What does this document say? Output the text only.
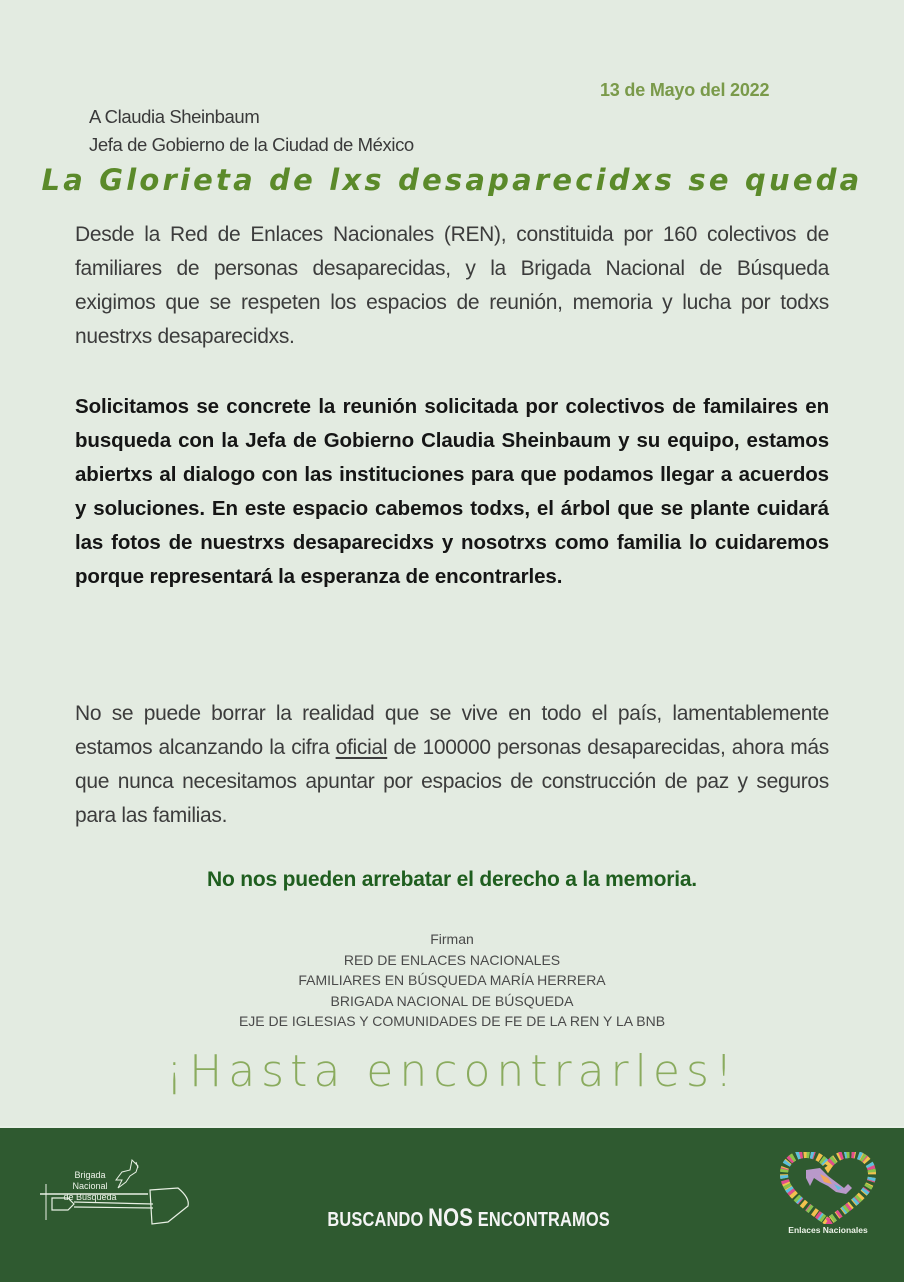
13 de Mayo del 2022
A Claudia Sheinbaum
Jefa de Gobierno de la Ciudad de México
La Glorieta de lxs desaparecidxs se queda
Desde la Red de Enlaces Nacionales (REN), constituida por 160 colectivos de familiares de personas desaparecidas, y la Brigada Nacional de Búsqueda exigimos que se respeten los espacios de reunión, memoria y lucha por todxs nuestrxs desaparecidxs.
Solicitamos se concrete la reunión solicitada por colectivos de familaires en busqueda con la Jefa de Gobierno Claudia Sheinbaum y su equipo, estamos abiertxs al dialogo con las instituciones para que podamos llegar a acuerdos y soluciones. En este espacio cabemos todxs, el árbol que se plante cuidará las fotos de nuestrxs desaparecidxs y nosotrxs como familia lo cuidaremos porque representará la esperanza de encontrarles.
No se puede borrar la realidad que se vive en todo el país, lamentablemente estamos alcanzando la cifra oficial de 100000 personas desaparecidas, ahora más que nunca necesitamos apuntar por espacios de construcción de paz y seguros para las familias.
No nos pueden arrebatar el derecho a la memoria.
Firman
RED DE ENLACES NACIONALES
FAMILIARES EN BÚSQUEDA MARÍA HERRERA
BRIGADA NACIONAL DE BÚSQUEDA
EJE DE IGLESIAS Y COMUNIDADES DE FE DE LA REN Y LA BNB
¡Hasta encontrarles!
Brigada Nacional
de Búsqueda
BUSCANDO NOS ENCONTRAMOS	Enlaces Nacionales
